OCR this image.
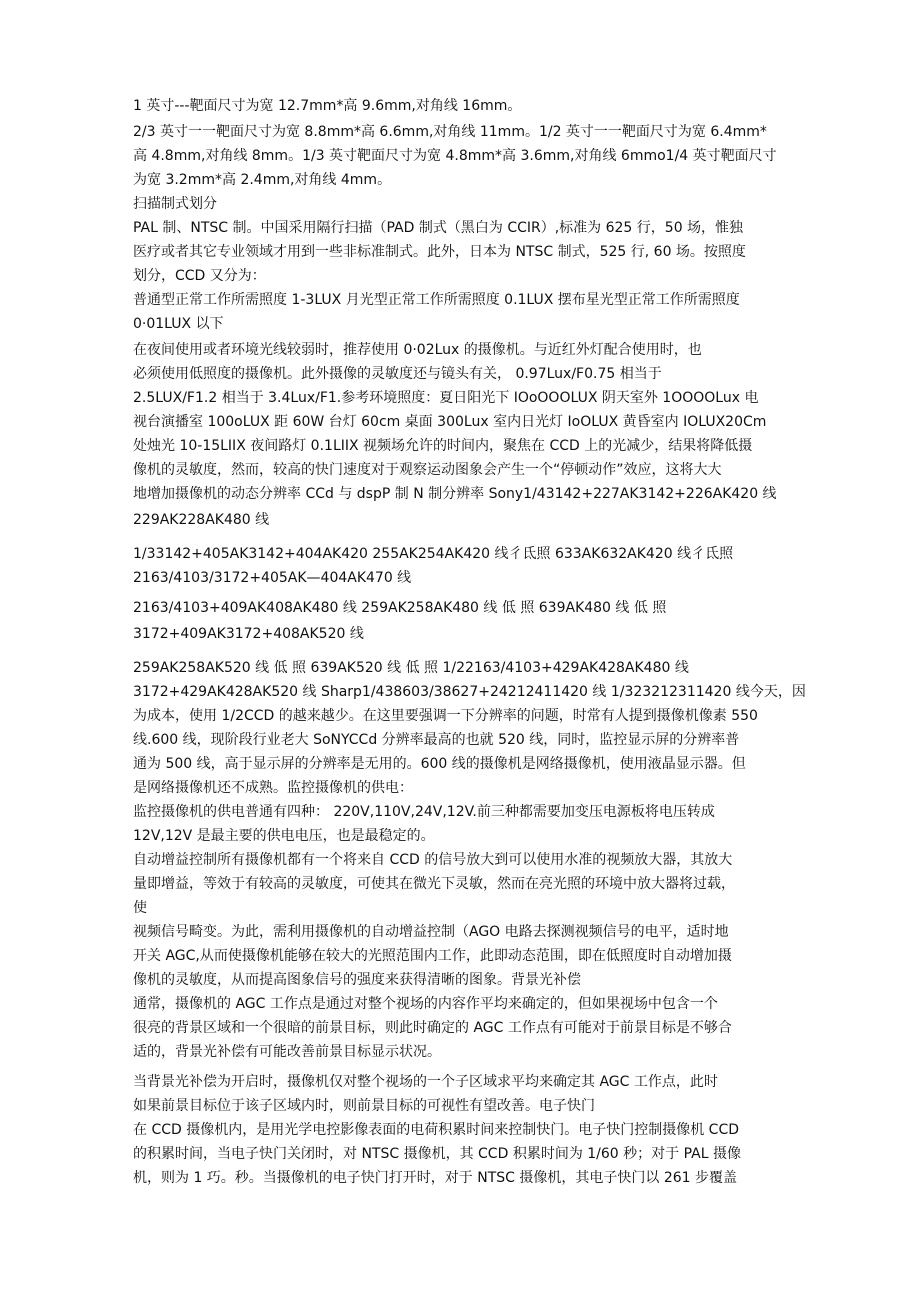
1 英寸---靶面尺寸为宽 12.7mm*高 9.6mm,对角线 16mm。
2/3 英寸一一靶面尺寸为宽 8.8mm*高 6.6mm,对角线 11mm。1/2 英寸一一靶面尺寸为宽 6.4mm*
高 4.8mm,对角线 8mm。1/3 英寸靶面尺寸为宽 4.8mm*高 3.6mm,对角线 6mmo1/4 英寸靶面尺寸
为宽 3.2mm*高 2.4mm,对角线 4mm。
扫描制式划分
PAL 制、NTSC 制。中国采用隔行扫描（PAD 制式（黑白为 CCIR）,标准为 625 行，50 场，惟独
医疗或者其它专业领域才用到一些非标准制式。此外，日本为 NTSC 制式，525 行, 60 场。按照度
划分，CCD 又分为：
普通型正常工作所需照度 1-3LUX 月光型正常工作所需照度 0.1LUX 摆布星光型正常工作所需照度
0·01LUX 以下
在夜间使用或者环境光线较弱时，推荐使用 0·02Lux 的摄像机。与近红外灯配合使用时，也
必须使用低照度的摄像机。此外摄像的灵敏度还与镜头有关， 0.97Lux∕F0.75 相当于
2.5LUX/F1.2 相当于 3.4Lux∕F1.参考环境照度：夏日阳光下 IOoOOOLUX 阴天室外 1OOOOLux 电
视台演播室 100oLUX 距 60W 台灯 60cm 桌面 300Lux 室内日光灯 IoOLUX 黄昏室内 IOLUX20Cm
处烛光 10-15LIIX 夜间路灯 0.1LIIX 视频场允许的时间内，聚焦在 CCD 上的光减少，结果将降低摄
像机的灵敏度，然而，较高的快门速度对于观察运动图象会产生一个“停顿动作”效应，这将大大
地增加摄像机的动态分辨率 CCd 与 dspP 制 N 制分辨率 Sony1/43142+227AK3142+226AK420 线
229AK228AK480 线
1/33142+405AK3142+404AK420 255AK254AK420 线彳氐照 633AK632AK420 线彳氐照
2163/4103/3172+405AK—404AK470 线
2163/4103+409AK408AK480 线 259AK258AK480 线 低 照 639AK480 线 低 照
3172+409AK3172+408AK520 线
259AK258AK520 线 低 照 639AK520 线 低 照 1/22163/4103+429AK428AK480 线
3172+429AK428AK520 线 Sharp1/438603/38627+24212411420 线 1/323212311420 线今天，因
为成本，使用 1/2CCD 的越来越少。在这里要强调一下分辨率的问题，时常有人提到摄像机像素 550
线.600 线，现阶段行业老大 SoNYCCd 分辨率最高的也就 520 线，同时，监控显示屏的分辨率普
通为 500 线，高于显示屏的分辨率是无用的。600 线的摄像机是网络摄像机，使用液晶显示器。但
是网络摄像机还不成熟。监控摄像机的供电：
监控摄像机的供电普通有四种： 220V,110V,24V,12V.前三种都需要加变压电源板将电压转成
12V,12V 是最主要的供电电压，也是最稳定的。
自动增益控制所有摄像机都有一个将来自 CCD 的信号放大到可以使用水准的视频放大器，其放大
量即增益，等效于有较高的灵敏度，可使其在微光下灵敏，然而在亮光照的环境中放大器将过载，
使
视频信号畸变。为此，需利用摄像机的自动增益控制（AGO 电路去探测视频信号的电平，适时地
开关 AGC,从而使摄像机能够在较大的光照范围内工作，此即动态范围，即在低照度时自动增加摄
像机的灵敏度，从而提高图象信号的强度来获得清晰的图象。背景光补偿
通常，摄像机的 AGC 工作点是通过对整个视场的内容作平均来确定的，但如果视场中包含一个
很亮的背景区域和一个很暗的前景目标，则此时确定的 AGC 工作点有可能对于前景目标是不够合
适的，背景光补偿有可能改善前景目标显示状况。
当背景光补偿为开启时，摄像机仅对整个视场的一个子区域求平均来确定其 AGC 工作点，此时
如果前景目标位于该子区域内时，则前景目标的可视性有望改善。电子快门
在 CCD 摄像机内，是用光学电控影像表面的电荷积累时间来控制快门。电子快门控制摄像机 CCD
的积累时间，当电子快门关闭时，对 NTSC 摄像机，其 CCD 积累时间为 1/60 秒；对于 PAL 摄像
机，则为 1 巧。秒。当摄像机的电子快门打开时，对于 NTSC 摄像机，其电子快门以 261 步覆盖
